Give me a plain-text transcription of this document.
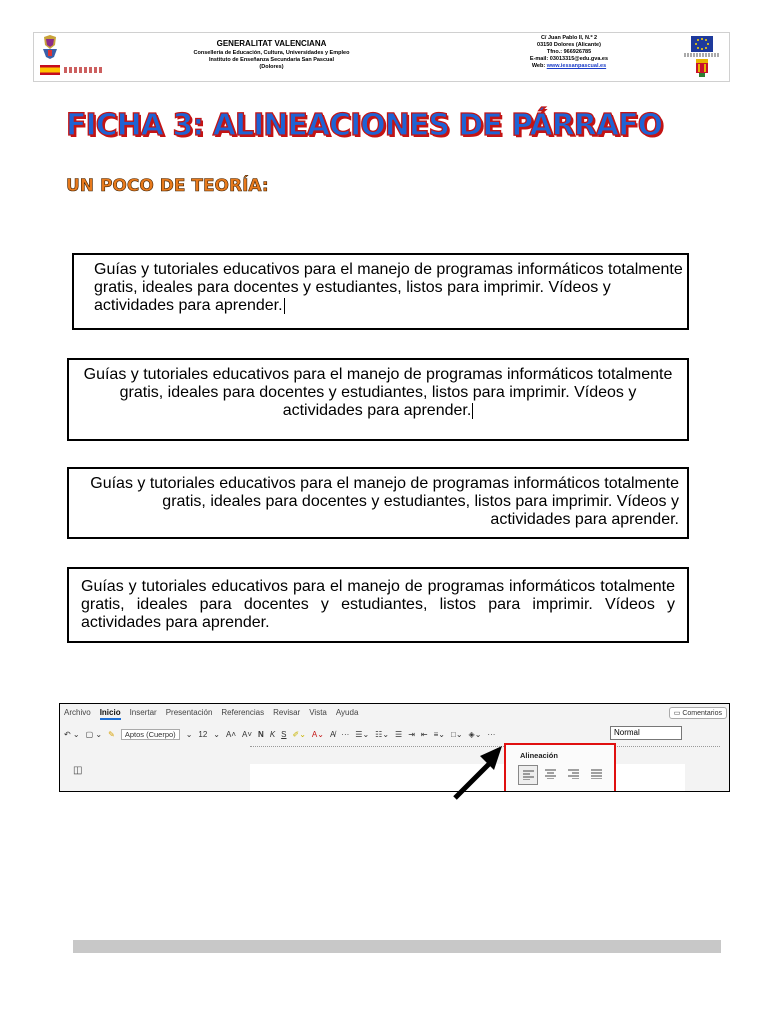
GENERALITAT VALENCIANA
Consellería de Educación, Cultura, Universidades y Empleo
Instituto de Enseñanza Secundaria San Pascual
(Dolores)
C/ Juan Pablo II, N.º 2
03150 Dolores (Alicante)
Tfno.: 966926785
E-mail: 03013315@edu.gva.es
Web: www.iessanpascual.es
FICHA 3: ALINEACIONES DE PÁRRAFO
UN POCO DE TEORÍA:

Guías y tutoriales educativos para el manejo de programas informáticos totalmente
gratis, ideales para docentes y estudiantes, listos para imprimir. Vídeos y
actividades para aprender.

Guías y tutoriales educativos para el manejo de programas informáticos totalmente
gratis, ideales para docentes y estudiantes, listos para imprimir. Vídeos y
actividades para aprender.

Guías y tutoriales educativos para el manejo de programas informáticos totalmente
gratis, ideales para docentes y estudiantes, listos para imprimir. Vídeos y
actividades para aprender.

Guías y tutoriales educativos para el manejo de programas informáticos totalmente
gratis, ideales para docentes y estudiantes, listos para imprimir. Vídeos y
actividades para aprender.

Archivo Inicio Insertar Presentación Referencias Revisar Vista Ayuda	▭ Comentarios
↶ ⌄ ▢ ⌄ ✎	Aptos (Cuerpo)	⌄ 12 ⌄ A˄ A˅ N K S ✐⌄ A⌄ A̸ ··· ☰⌄ ☷⌄ ☰ ⇥ ⇤ ≡⌄ □⌄ ◈⌄ ···	Normal
◫
Alineación
